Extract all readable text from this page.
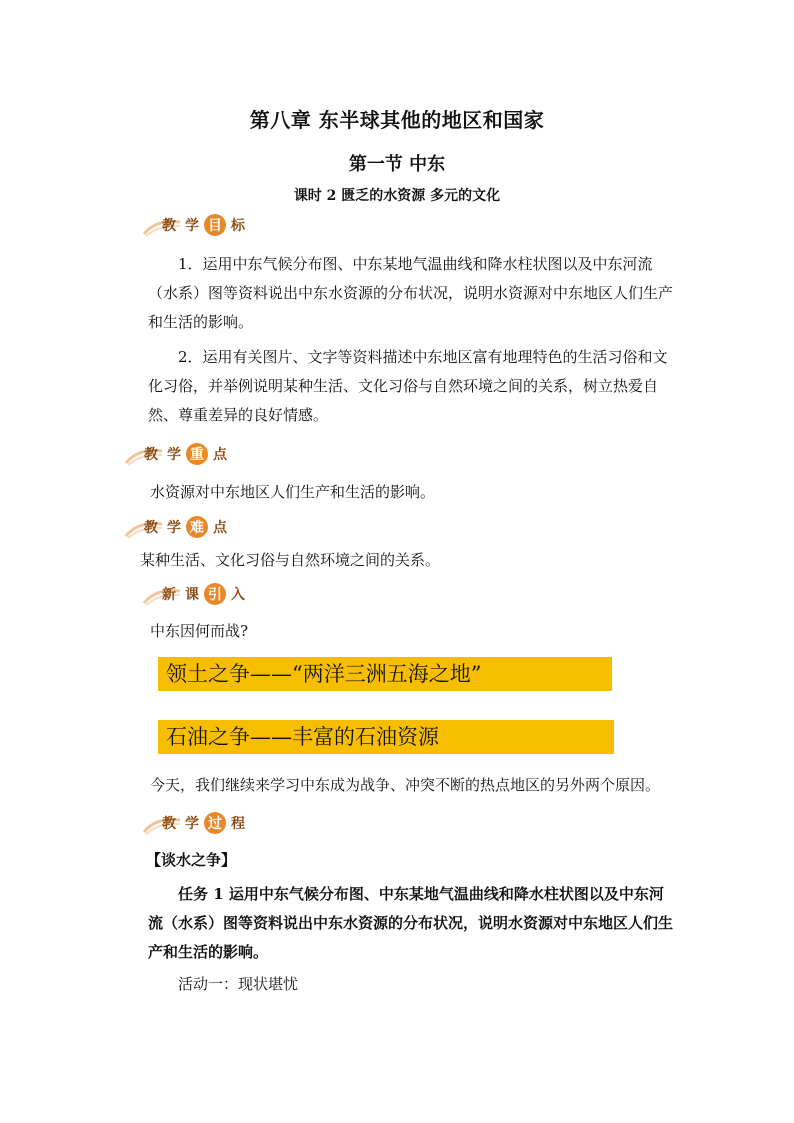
第八章 东半球其他的地区和国家
第一节 中东
课时 2 匮乏的水资源 多元的文化
教 学 目 标
1．运用中东气候分布图、中东某地气温曲线和降水柱状图以及中东河流（水系）图等资料说出中东水资源的分布状况，说明水资源对中东地区人们生产和生活的影响。
2．运用有关图片、文字等资料描述中东地区富有地理特色的生活习俗和文化习俗，并举例说明某种生活、文化习俗与自然环境之间的关系，树立热爱自然、尊重差异的良好情感。
教 学 重 点
水资源对中东地区人们生产和生活的影响。
教 学 难 点
某种生活、文化习俗与自然环境之间的关系。
新 课 引 入
中东因何而战?
领土之争——“两洋三洲五海之地”
石油之争——丰富的石油资源
今天，我们继续来学习中东成为战争、冲突不断的热点地区的另外两个原因。
教 学 过 程
【谈水之争】
任务 1 运用中东气候分布图、中东某地气温曲线和降水柱状图以及中东河流（水系）图等资料说出中东水资源的分布状况，说明水资源对中东地区人们生产和生活的影响。
活动一：现状堪忧
